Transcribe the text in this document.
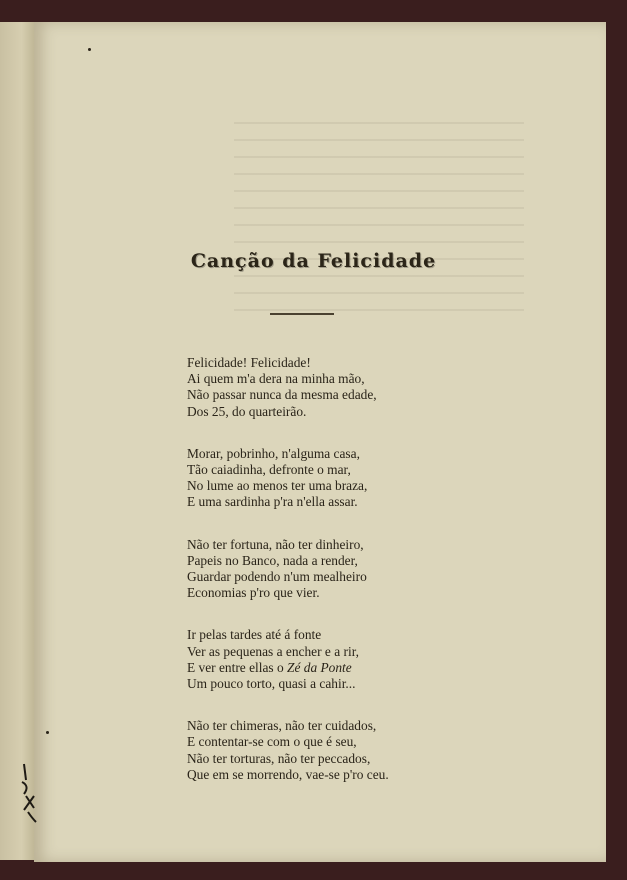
Canção da Felicidade
Felicidade! Felicidade!
Ai quem m'a dera na minha mão,
Não passar nunca da mesma edade,
Dos 25, do quarteirão.
Morar, pobrinho, n'alguma casa,
Tão caiadinha, defronte o mar,
No lume ao menos ter uma braza,
E uma sardinha p'ra n'ella assar.
Não ter fortuna, não ter dinheiro,
Papeis no Banco, nada a render,
Guardar podendo n'um mealheiro
Economias p'ro que vier.
Ir pelas tardes até á fonte
Ver as pequenas a encher e a rir,
E ver entre ellas o Zé da Ponte
Um pouco torto, quasi a cahir...
Não ter chimeras, não ter cuidados,
E contentar-se com o que é seu,
Não ter torturas, não ter peccados,
Que em se morrendo, vae-se p'ro ceu.
